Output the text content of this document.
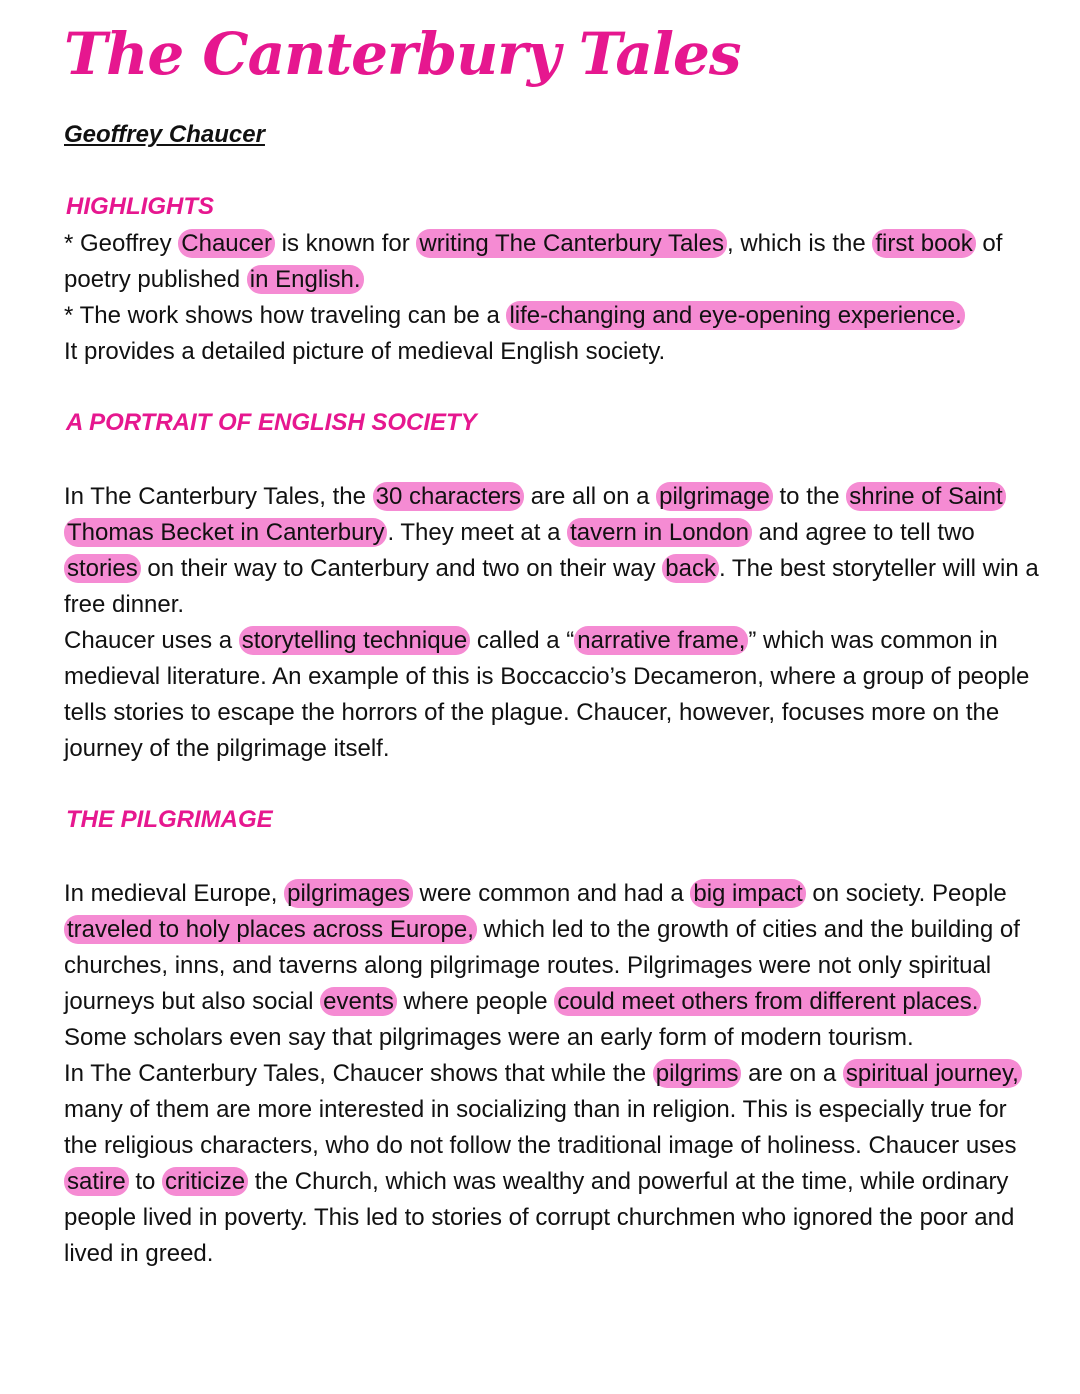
The Canterbury Tales
Geoffrey Chaucer
HIGHLIGHTS

* Geoffrey Chaucer is known for writing The Canterbury Tales , which is the first book of poetry published in English.

* The work shows how traveling can be a life-changing and eye-opening experience.

It provides a detailed picture of medieval English society.

A PORTRAIT OF ENGLISH SOCIETY

In The Canterbury Tales, the 30 characters are all on a pilgrimage to the shrine of Saint Thomas Becket in Canterbury . They meet at a tavern in London and agree to tell two stories on their way to Canterbury and two on their way back . The best storyteller will win a free dinner.

Chaucer uses a storytelling technique called a “ narrative frame, ” which was common in medieval literature. An example of this is Boccaccio’s Decameron, where a group of people tells stories to escape the horrors of the plague. Chaucer, however, focuses more on the journey of the pilgrimage itself.

THE PILGRIMAGE

In medieval Europe, pilgrimages were common and had a big impact on society. People traveled to holy places across Europe, which led to the growth of cities and the building of churches, inns, and taverns along pilgrimage routes. Pilgrimages were not only spiritual journeys but also social events where people could meet others from different places. Some scholars even say that pilgrimages were an early form of modern tourism.

In The Canterbury Tales, Chaucer shows that while the pilgrims are on a spiritual journey, many of them are more interested in socializing than in religion. This is especially true for the religious characters, who do not follow the traditional image of holiness. Chaucer uses satire to criticize the Church, which was wealthy and powerful at the time, while ordinary people lived in poverty. This led to stories of corrupt churchmen who ignored the poor and lived in greed.
